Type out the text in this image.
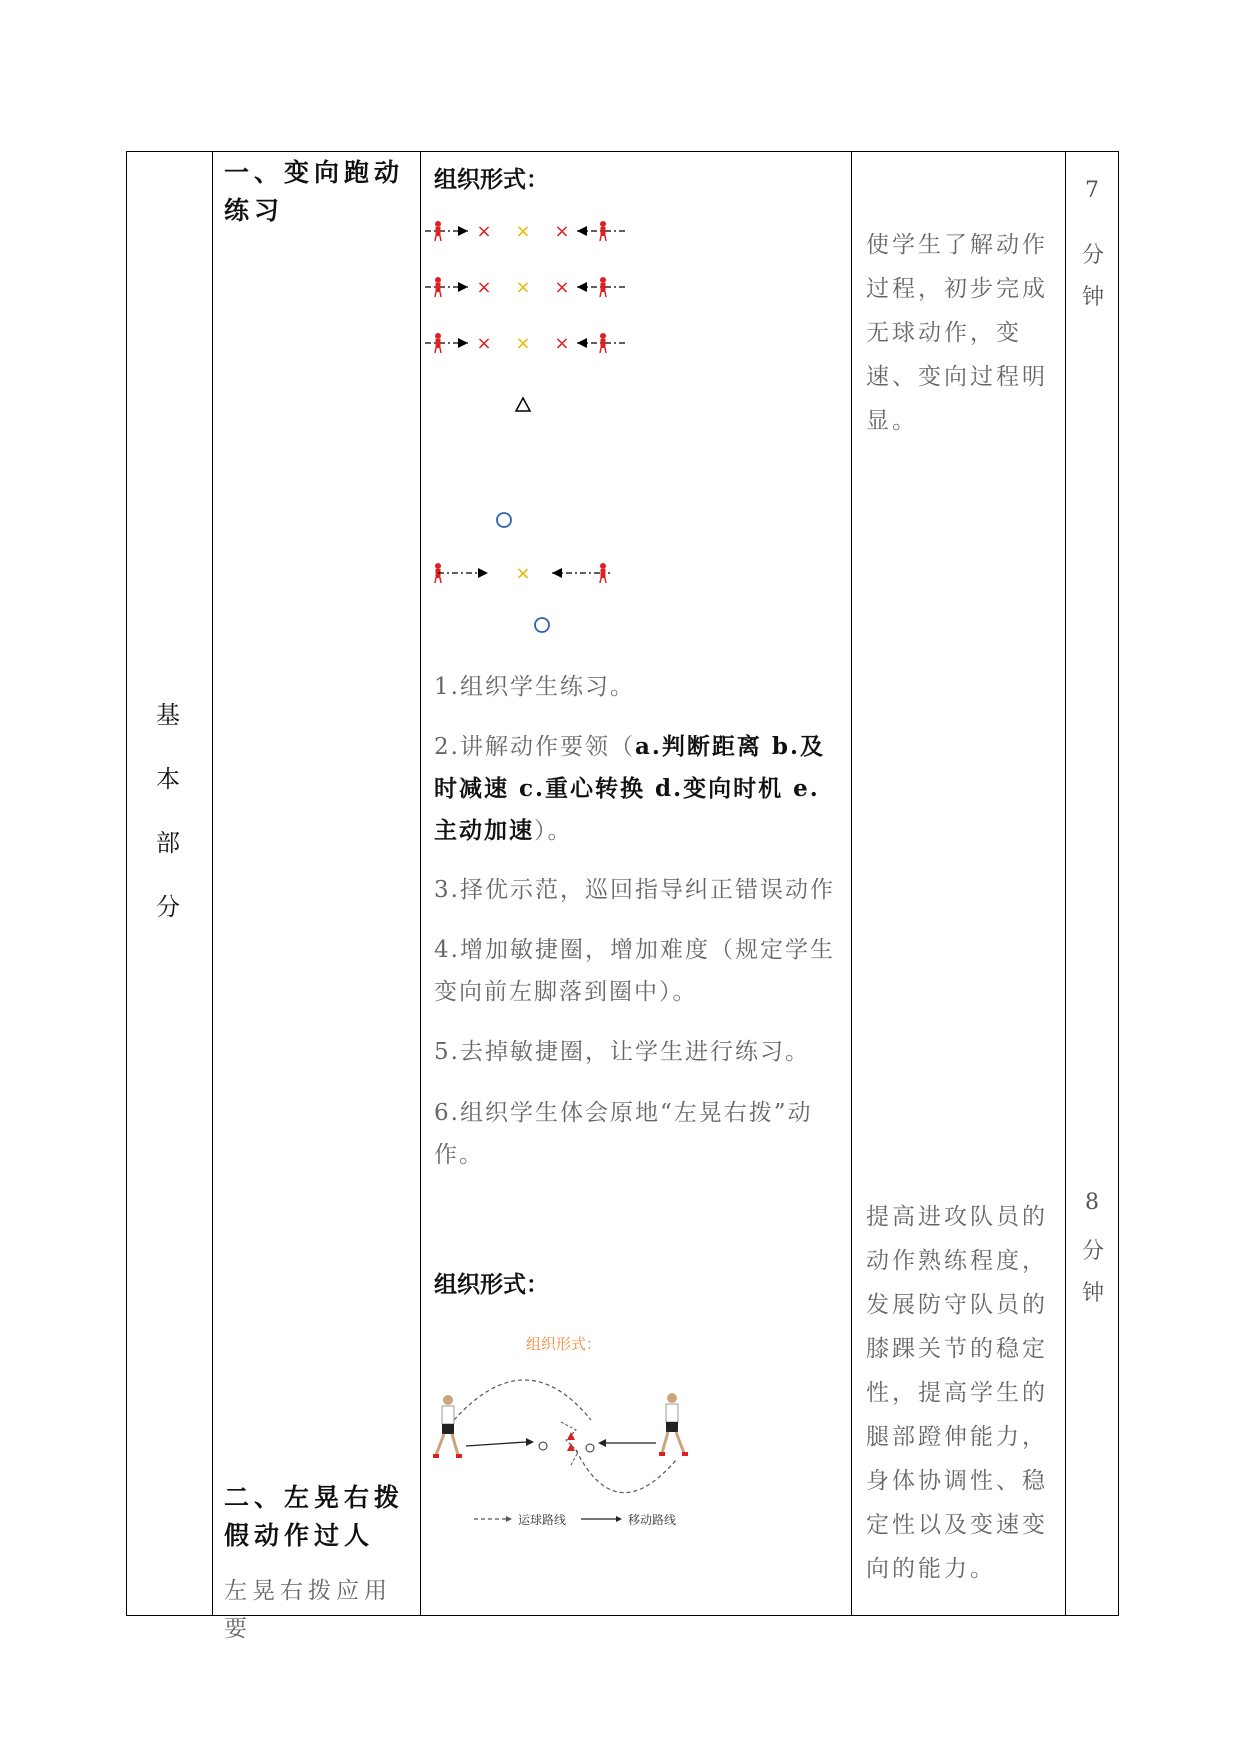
基
本
部
分
一、变向跑动练习
二、左晃右拨假动作过人
左晃右拨应用要
组织形式：
× × ×
× × ×
× × ×
×
1.组织学生练习。
2.讲解动作要领（a.判断距离 b.及时减速 c.重心转换 d.变向时机 e.主动加速）。
3.择优示范，巡回指导纠正错误动作
4.增加敏捷圈，增加难度（规定学生变向前左脚落到圈中）。
5.去掉敏捷圈，让学生进行练习。
6.组织学生体会原地“左晃右拨”动作。
组织形式：
组织形式：
运球路线	移动路线
使学生了解动作过程，初步完成无球动作，变速、变向过程明显。
提高进攻队员的动作熟练程度，发展防守队员的膝踝关节的稳定性，提高学生的腿部蹬伸能力，身体协调性、稳定性以及变速变向的能力。
7
分
钟
8
分
钟
